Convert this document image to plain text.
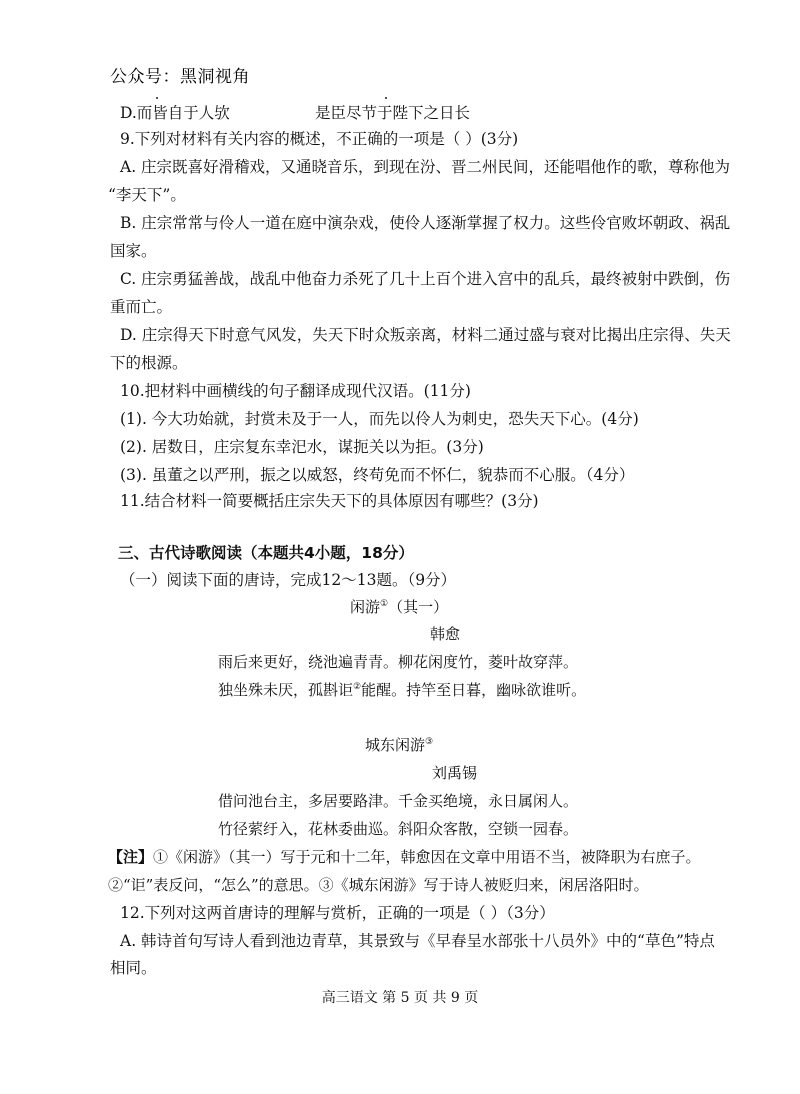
公众号：黑洞视角
D.而皆自于人欤	是臣尽节于陛下之日长
9.下列对材料有关内容的概述，不正确的一项是（ ）(3分)
A. 庄宗既喜好滑稽戏，又通晓音乐，到现在汾、晋二州民间，还能唱他作的歌，尊称他为
“李天下”。
B. 庄宗常常与伶人一道在庭中演杂戏，使伶人逐渐掌握了权力。这些伶官败坏朝政、祸乱
国家。
C. 庄宗勇猛善战，战乱中他奋力杀死了几十上百个进入宫中的乱兵，最终被射中跌倒，伤
重而亡。
D. 庄宗得天下时意气风发，失天下时众叛亲离，材料二通过盛与衰对比揭出庄宗得、失天
下的根源。
10.把材料中画横线的句子翻译成现代汉语。(11分)
(1). 今大功始就，封赏未及于一人，而先以伶人为刺史，恐失天下心。(4分)
(2). 居数日，庄宗复东幸汜水，谋扼关以为拒。(3分)
(3). 虽董之以严刑，振之以威怒，终苟免而不怀仁，貌恭而不心服。（4分）
11.结合材料一简要概括庄宗失天下的具体原因有哪些？(3分)
三、古代诗歌阅读（本题共4小题，18分）
（一）阅读下面的唐诗，完成12～13题。（9分）
闲游①（其一）
韩愈
雨后来更好，绕池遍青青。柳花闲度竹，菱叶故穿萍。
独坐殊未厌，孤斟讵②能醒。持竿至日暮，幽咏欲谁听。
城东闲游③
刘禹锡
借问池台主，多居要路津。千金买绝境，永日属闲人。
竹径萦纡入，花林委曲巡。斜阳众客散，空锁一园春。
【注】①《闲游》（其一）写于元和十二年，韩愈因在文章中用语不当，被降职为右庶子。
②“讵”表反问，“怎么”的意思。③《城东闲游》写于诗人被贬归来，闲居洛阳时。
12.下列对这两首唐诗的理解与赏析，正确的一项是（ ）（3分）
A. 韩诗首句写诗人看到池边青草，其景致与《早春呈水部张十八员外》中的“草色”特点
相同。
高三语文 第 5 页 共 9 页
